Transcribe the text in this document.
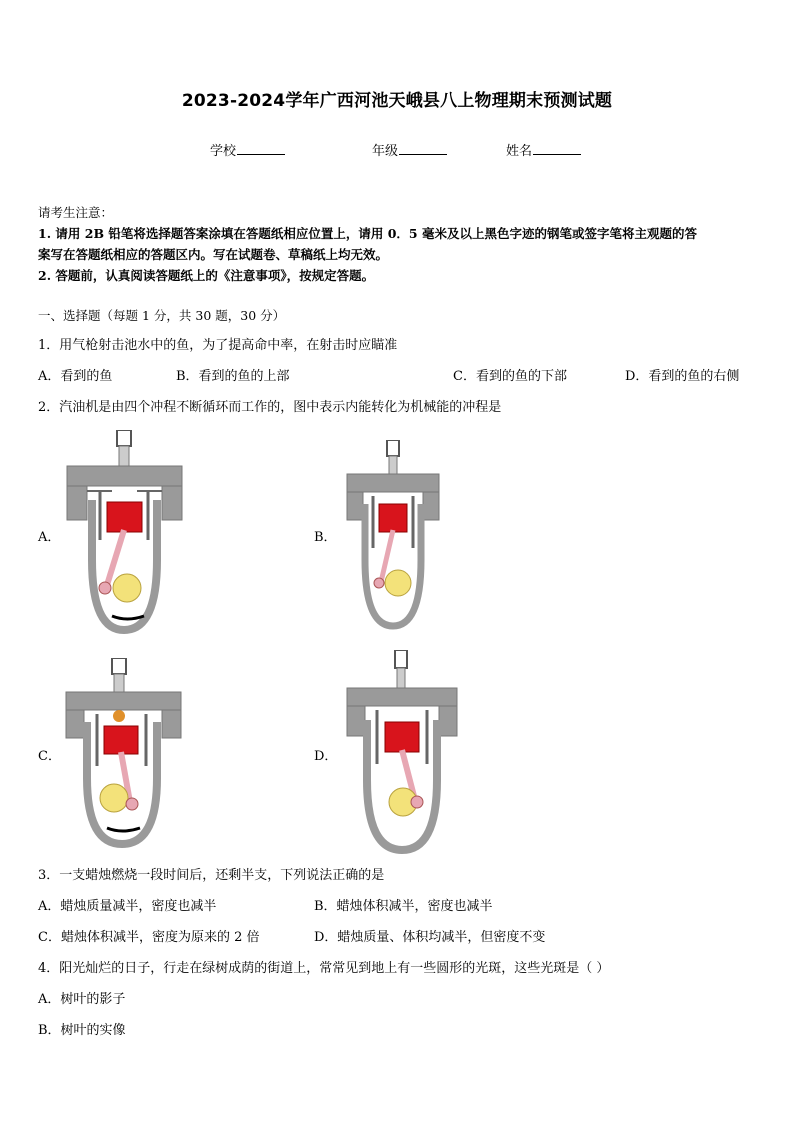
2023-2024学年广西河池天峨县八上物理期末预测试题
学校	年级	姓名
请考生注意：
1. 请用 2B 铅笔将选择题答案涂填在答题纸相应位置上，请用 0．5 毫米及以上黑色字迹的钢笔或签字笔将主观题的答
案写在答题纸相应的答题区内。写在试题卷、草稿纸上均无效。
2. 答题前，认真阅读答题纸上的《注意事项》，按规定答题。
一、选择题（每题 1 分，共 30 题，30 分）
1．用气枪射击池水中的鱼，为了提高命中率，在射击时应瞄准
A．看到的鱼	B．看到的鱼的上部	C．看到的鱼的下部	D．看到的鱼的右侧
2．汽油机是由四个冲程不断循环而工作的，图中表示内能转化为机械能的冲程是
A．	B．
C．	D．
3．一支蜡烛燃烧一段时间后，还剩半支，下列说法正确的是
A．蜡烛质量减半，密度也减半	B．蜡烛体积减半，密度也减半
C．蜡烛体积减半，密度为原来的 2 倍	D．蜡烛质量、体积均减半，但密度不变
4．阳光灿烂的日子，行走在绿树成荫的街道上，常常见到地上有一些圆形的光斑，这些光斑是（ ）
A．树叶的影子
B．树叶的实像
